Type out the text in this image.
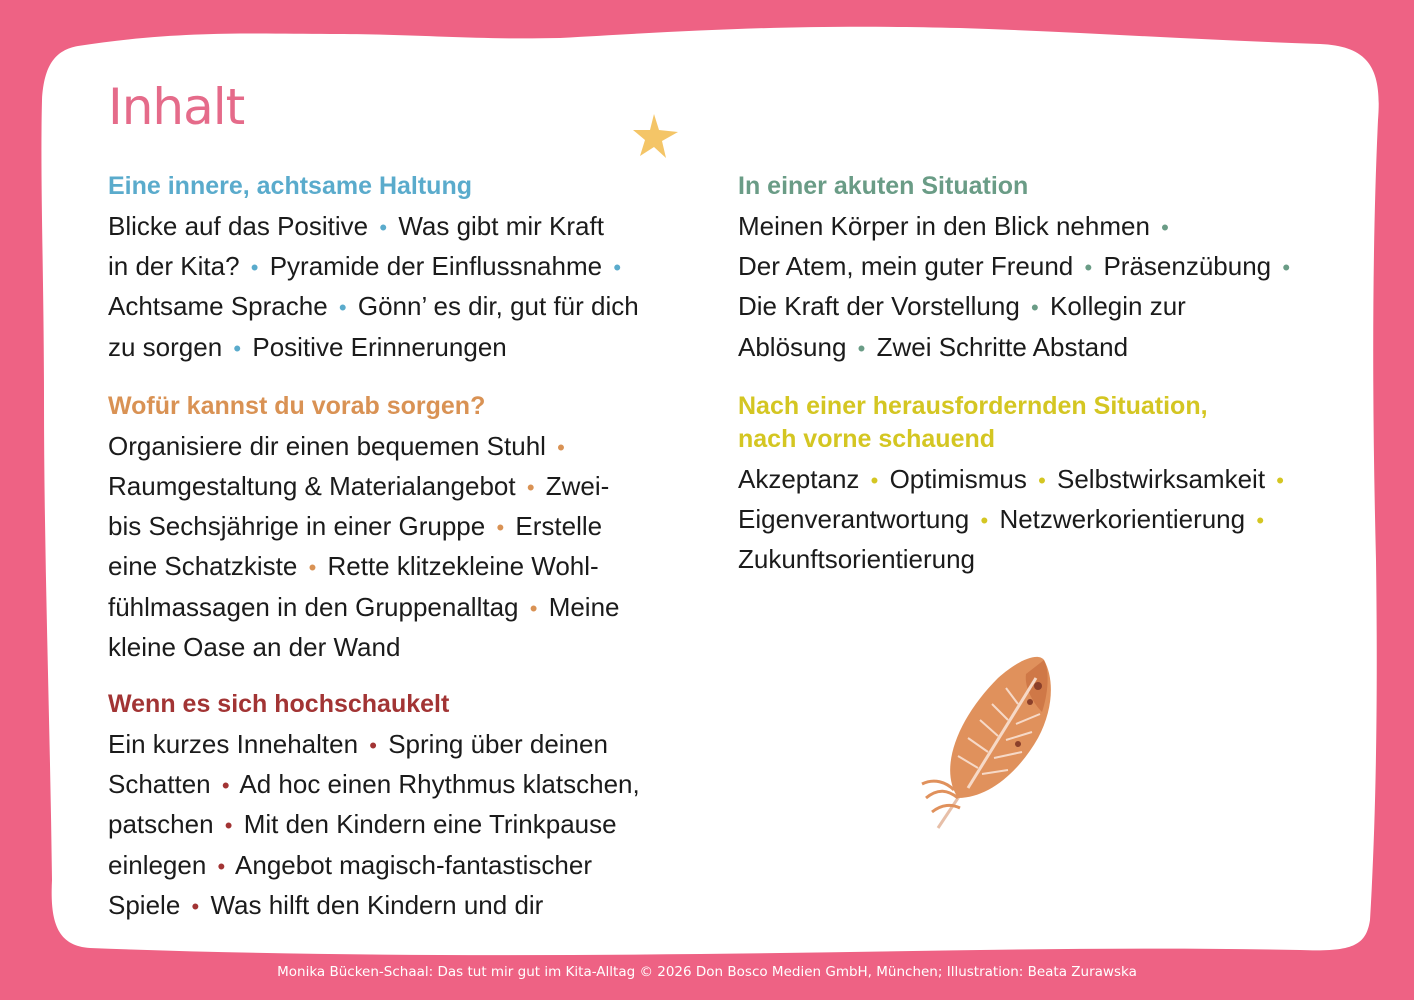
Inhalt
Eine innere, achtsame Haltung
Blicke auf das Positive • Was gibt mir Kraft
in der Kita? • Pyramide der Einflussnahme •
Achtsame Sprache • Gönn’ es dir, gut für dich
zu sorgen • Positive Erinnerungen
Wofür kannst du vorab sorgen?
Organisiere dir einen bequemen Stuhl •
Raumgestaltung & Materialangebot • Zwei-
bis Sechsjährige in einer Gruppe • Erstelle
eine Schatzkiste • Rette klitzekleine Wohl-
fühlmassagen in den Gruppenalltag • Meine
kleine Oase an der Wand
Wenn es sich hochschaukelt
Ein kurzes Innehalten • Spring über deinen
Schatten • Ad hoc einen Rhythmus klatschen,
patschen • Mit den Kindern eine Trinkpause
einlegen • Angebot magisch-fantastischer
Spiele • Was hilft den Kindern und dir
In einer akuten Situation
Meinen Körper in den Blick nehmen •
Der Atem, mein guter Freund • Präsenzübung •
Die Kraft der Vorstellung • Kollegin zur
Ablösung • Zwei Schritte Abstand
Nach einer herausfordernden Situation,
nach vorne schauend
Akzeptanz • Optimismus • Selbstwirksamkeit •
Eigenverantwortung • Netzwerkorientierung •
Zukunftsorientierung
Monika Bücken-Schaal: Das tut mir gut im Kita-Alltag © 2026 Don Bosco Medien GmbH, München; Illustration: Beata Zurawska
